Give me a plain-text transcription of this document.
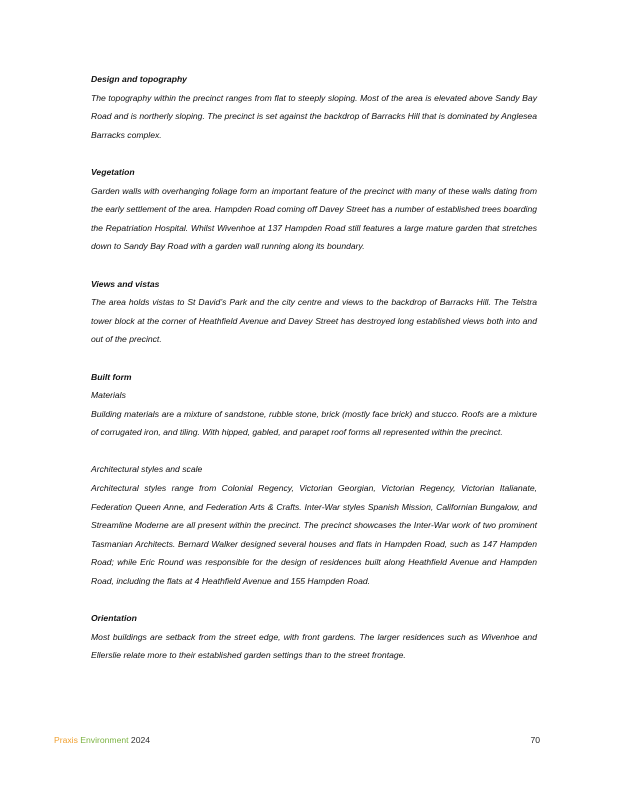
Design and topography
The topography within the precinct ranges from flat to steeply sloping. Most of the area is elevated above Sandy Bay Road and is northerly sloping. The precinct is set against the backdrop of Barracks Hill that is dominated by Anglesea Barracks complex.
Vegetation
Garden walls with overhanging foliage form an important feature of the precinct with many of these walls dating from the early settlement of the area. Hampden Road coming off Davey Street has a number of established trees boarding the Repatriation Hospital. Whilst Wivenhoe at 137 Hampden Road still features a large mature garden that stretches down to Sandy Bay Road with a garden wall running along its boundary.
Views and vistas
The area holds vistas to St David’s Park and the city centre and views to the backdrop of Barracks Hill. The Telstra tower block at the corner of Heathfield Avenue and Davey Street has destroyed long established views both into and out of the precinct.
Built form
Materials
Building materials are a mixture of sandstone, rubble stone, brick (mostly face brick) and stucco. Roofs are a mixture of corrugated iron, and tiling. With hipped, gabled, and parapet roof forms all represented within the precinct.
Architectural styles and scale
Architectural styles range from Colonial Regency, Victorian Georgian, Victorian Regency, Victorian Italianate, Federation Queen Anne, and Federation Arts & Crafts. Inter-War styles Spanish Mission, Californian Bungalow, and Streamline Moderne are all present within the precinct. The precinct showcases the Inter-War work of two prominent Tasmanian Architects. Bernard Walker designed several houses and flats in Hampden Road, such as 147 Hampden Road; while Eric Round was responsible for the design of residences built along Heathfield Avenue and Hampden Road, including the flats at 4 Heathfield Avenue and 155 Hampden Road.
Orientation
Most buildings are setback from the street edge, with front gardens. The larger residences such as Wivenhoe and Ellerslie relate more to their established garden settings than to the street frontage.
Praxis Environment 2024	70
